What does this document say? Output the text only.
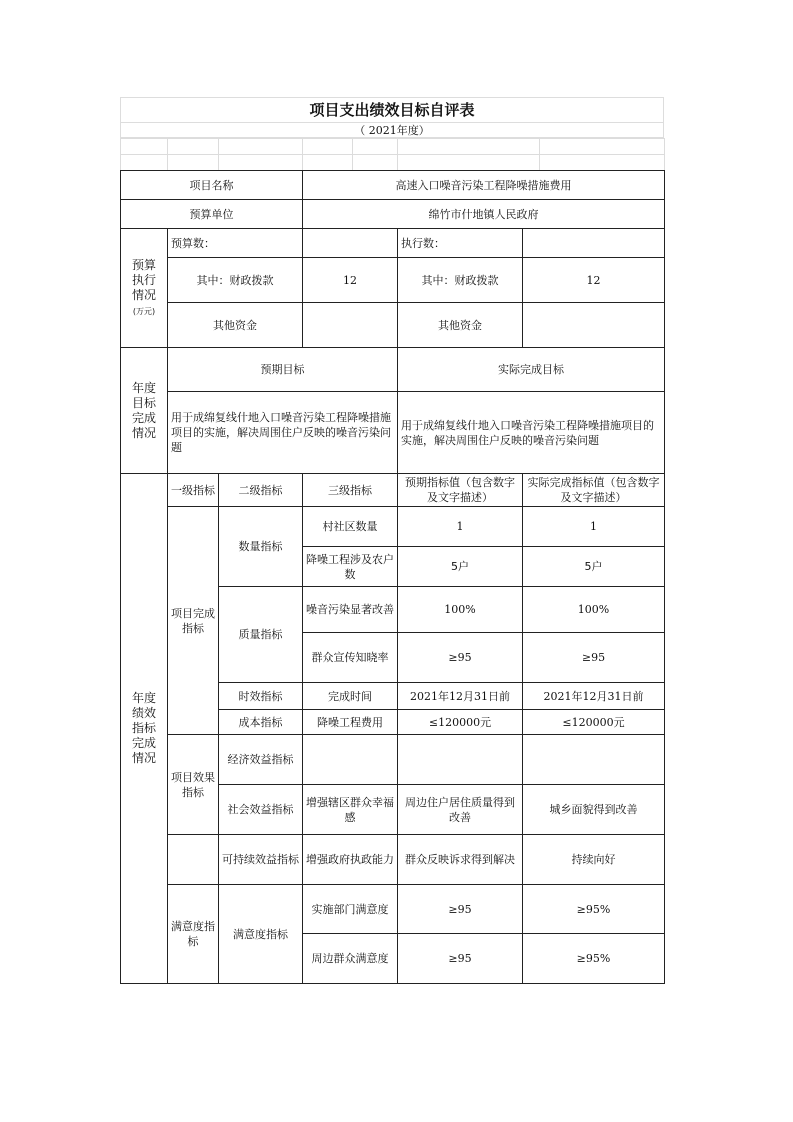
项目支出绩效目标自评表
（ 2021年度）

项目名称			高速入口噪音污染工程降噪措施费用		
预算单位			绵竹市什地镇人民政府		

预算执行情况
(万元)	预算数：			执行数：	
	其中：财政拨款		12	其中：财政拨款	12
	其他资金			其他资金	

年度目标完成情况	预期目标			实际完成目标	
	用于成绵复线什地入口噪音污染工程降噪措施项目的实施，解决周围住户反映的噪音污染问题			用于成绵复线什地入口噪音污染工程降噪措施项目的实施，解决周围住户反映的噪音污染问题	

年度绩效指标完成情况	一级指标	二级指标	三级指标	预期指标值（包含数字及文字描述）	实际完成指标值（包含数字及文字描述）
	项目完成指标	数量指标	村社区数量	1	1
			降噪工程涉及农户数	5户	5户
		质量指标	噪音污染显著改善	100%	100%
			群众宣传知晓率	≥95	≥95
		时效指标	完成时间	2021年12月31日前	2021年12月31日前
		成本指标	降噪工程费用	≤120000元	≤120000元
	项目效果指标	经济效益指标			
		社会效益指标	增强辖区群众幸福感	周边住户居住质量得到改善	城乡面貌得到改善
		可持续效益指标	增强政府执政能力	群众反映诉求得到解决	持续向好
	满意度指标	满意度指标	实施部门满意度	≥95	≥95%
			周边群众满意度	≥95	≥95%
